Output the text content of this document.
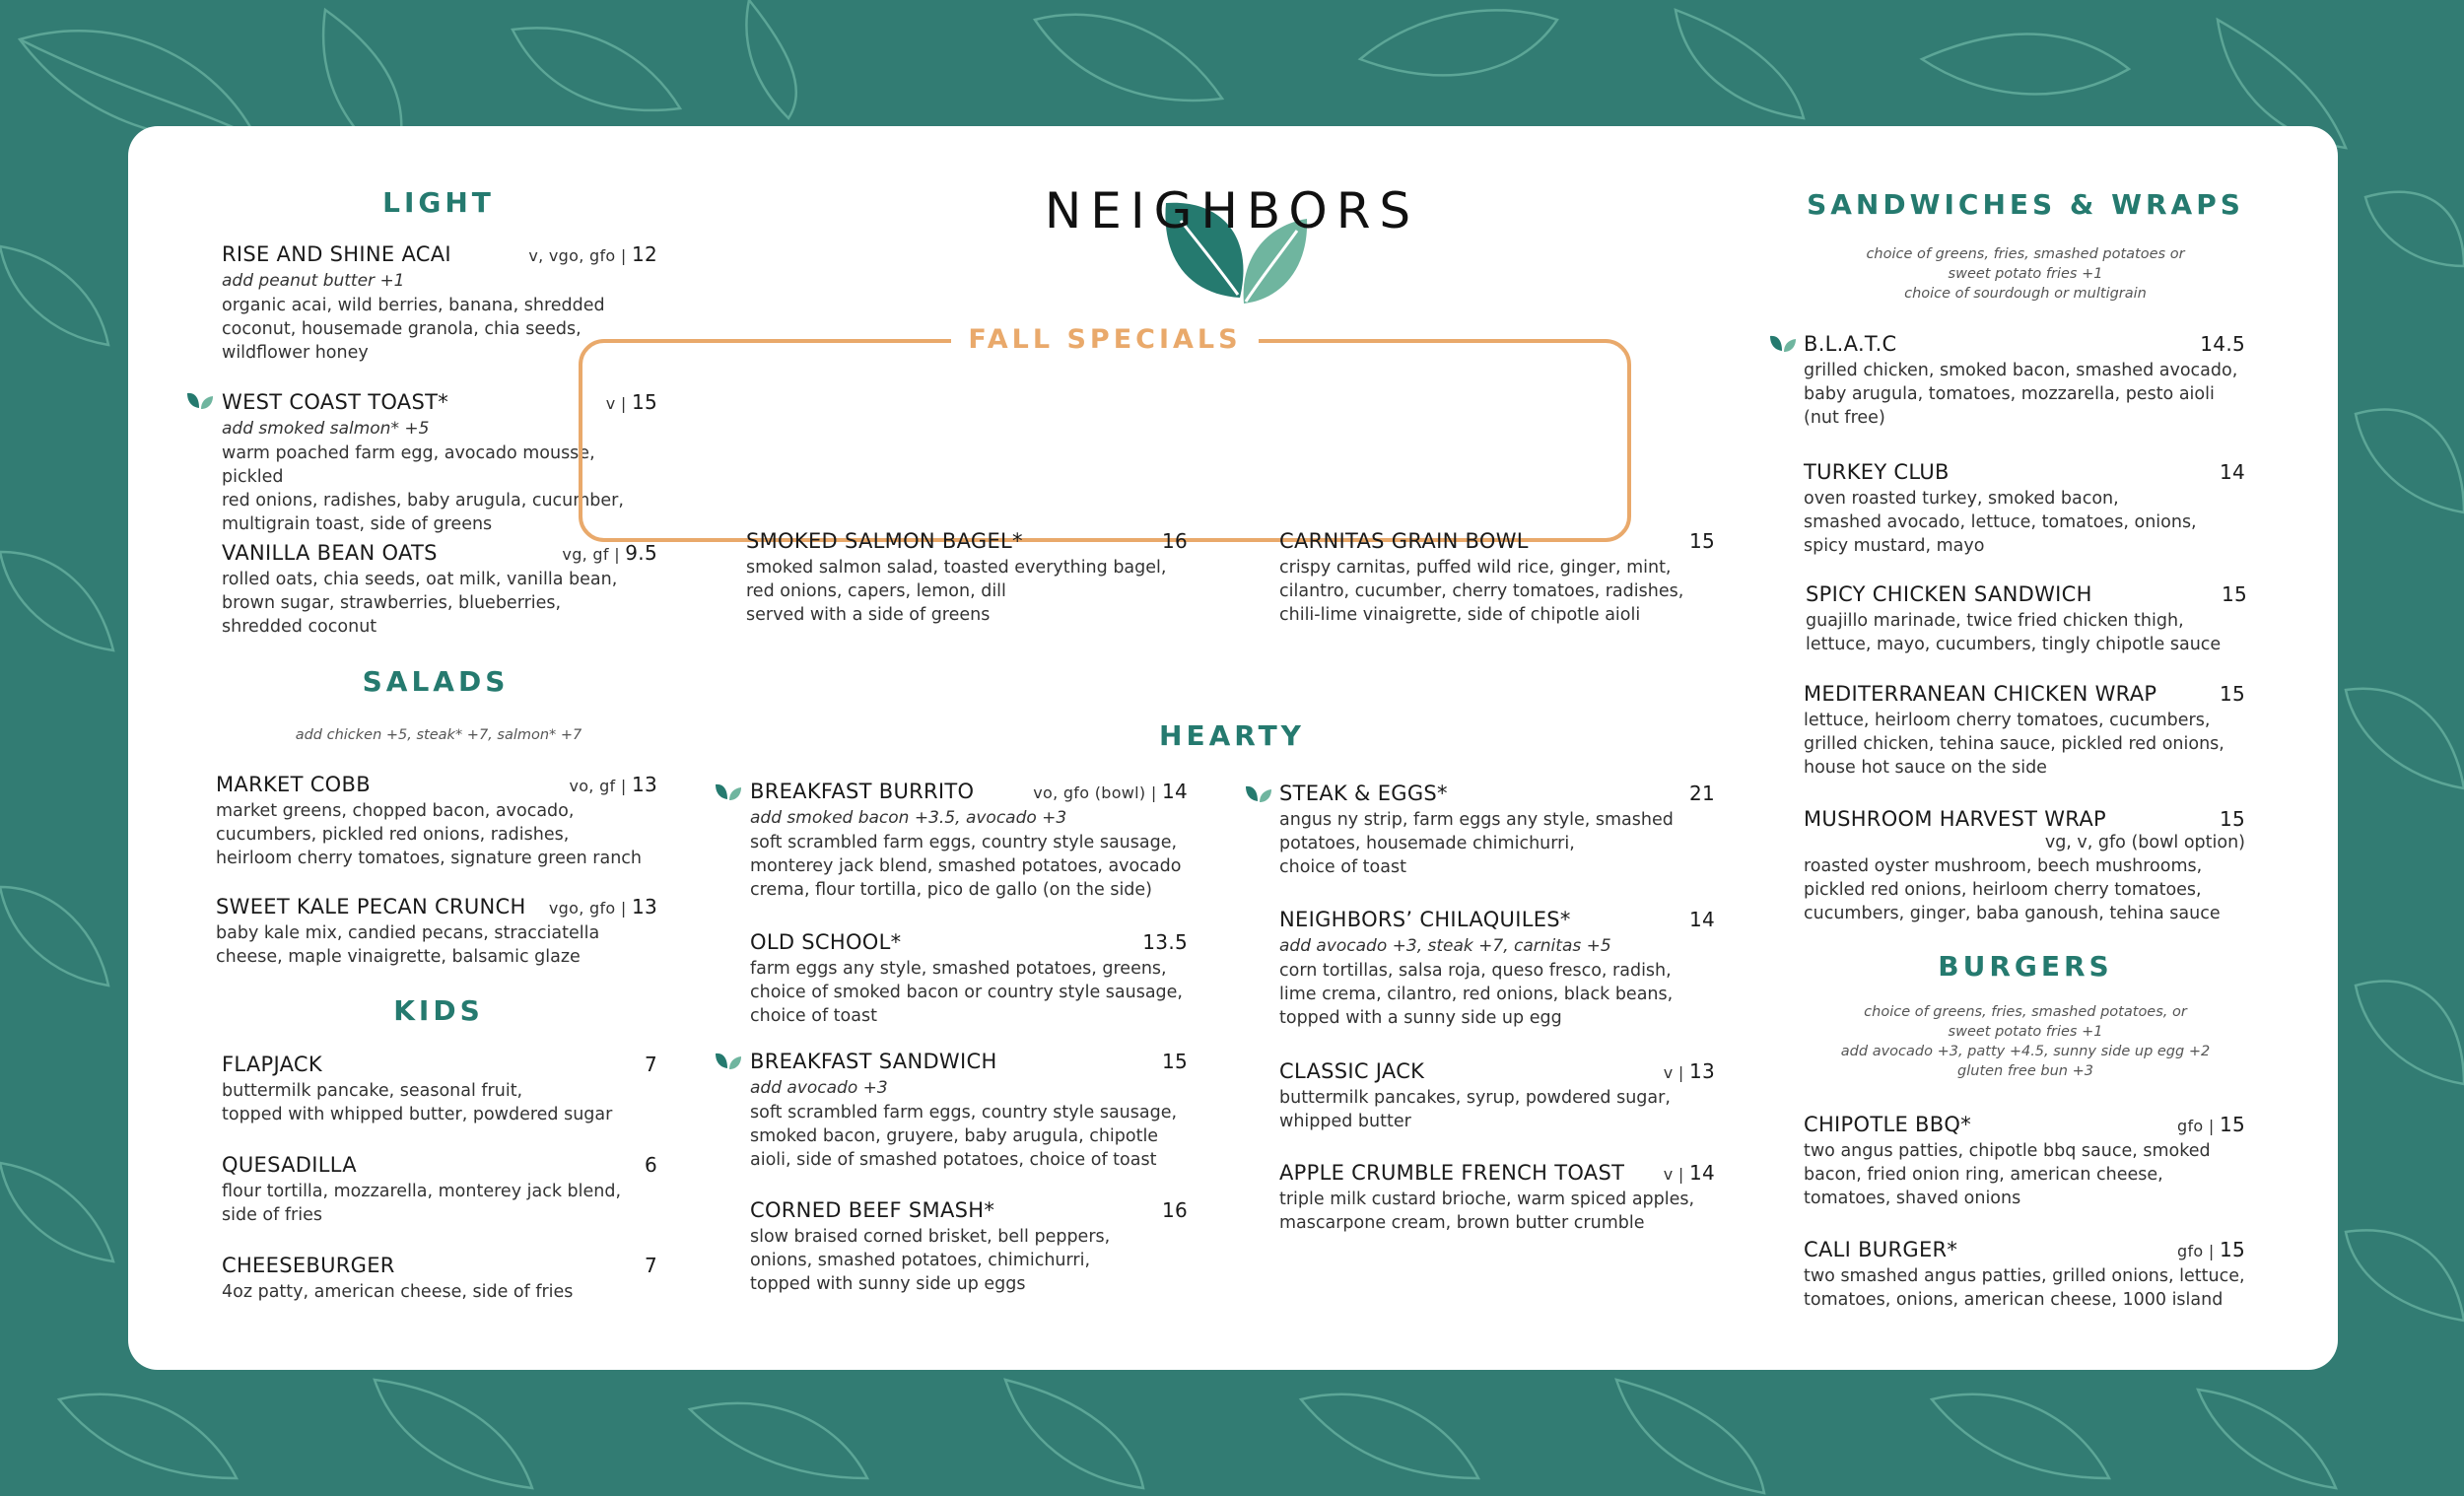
NEIGHBORS
LIGHT
RISE AND SHINE ACAI	v, vgo, gfo | 12
add peanut butter +1
organic acai, wild berries, banana, shredded
coconut, housemade granola, chia seeds,
wildflower honey
WEST COAST TOAST*	v | 15
add smoked salmon* +5
warm poached farm egg, avocado mousse, pickled
red onions, radishes, baby arugula, cucumber,
multigrain toast, side of greens
VANILLA BEAN OATS	vg, gf | 9.5
rolled oats, chia seeds, oat milk, vanilla bean,
brown sugar, strawberries, blueberries,
shredded coconut
SALADS
add chicken +5, steak* +7, salmon* +7
MARKET COBB	vo, gf | 13
market greens, chopped bacon, avocado,
cucumbers, pickled red onions, radishes,
heirloom cherry tomatoes, signature green ranch
SWEET KALE PECAN CRUNCH vgo, gfo | 13
baby kale mix, candied pecans, stracciatella
cheese, maple vinaigrette, balsamic glaze
KIDS
FLAPJACK	7
buttermilk pancake, seasonal fruit,
topped with whipped butter, powdered sugar
QUESADILLA	6
flour tortilla, mozzarella, monterey jack blend,
side of fries
CHEESEBURGER	7
4oz patty, american cheese, side of fries
FALL SPECIALS
SMOKED SALMON BAGEL*	16
smoked salmon salad, toasted everything bagel,
red onions, capers, lemon, dill
served with a side of greens
CARNITAS GRAIN BOWL	15
crispy carnitas, puffed wild rice, ginger, mint,
cilantro, cucumber, cherry tomatoes, radishes,
chili-lime vinaigrette, side of chipotle aioli
HEARTY
BREAKFAST BURRITO	vo, gfo (bowl) | 14
add smoked bacon +3.5, avocado +3
soft scrambled farm eggs, country style sausage,
monterey jack blend, smashed potatoes, avocado
crema, flour tortilla, pico de gallo (on the side)
OLD SCHOOL*	13.5
farm eggs any style, smashed potatoes, greens,
choice of smoked bacon or country style sausage,
choice of toast
BREAKFAST SANDWICH	15
add avocado +3
soft scrambled farm eggs, country style sausage,
smoked bacon, gruyere, baby arugula, chipotle
aioli, side of smashed potatoes, choice of toast
CORNED BEEF SMASH*	16
slow braised corned brisket, bell peppers,
onions, smashed potatoes, chimichurri,
topped with sunny side up eggs
STEAK & EGGS*	21
angus ny strip, farm eggs any style, smashed
potatoes, housemade chimichurri,
choice of toast
NEIGHBORS’ CHILAQUILES*	14
add avocado +3, steak +7, carnitas +5
corn tortillas, salsa roja, queso fresco, radish,
lime crema, cilantro, red onions, black beans,
topped with a sunny side up egg
CLASSIC JACK	v | 13
buttermilk pancakes, syrup, powdered sugar,
whipped butter
APPLE CRUMBLE FRENCH TOAST v | 14
triple milk custard brioche, warm spiced apples,
mascarpone cream, brown butter crumble
SANDWICHES & WRAPS
choice of greens, fries, smashed potatoes or
sweet potato fries +1
choice of sourdough or multigrain
B.L.A.T.C	14.5
grilled chicken, smoked bacon, smashed avocado,
baby arugula, tomatoes, mozzarella, pesto aioli
(nut free)
TURKEY CLUB	14
oven roasted turkey, smoked bacon,
smashed avocado, lettuce, tomatoes, onions,
spicy mustard, mayo
SPICY CHICKEN SANDWICH	15
guajillo marinade, twice fried chicken thigh,
lettuce, mayo, cucumbers, tingly chipotle sauce
MEDITERRANEAN CHICKEN WRAP	15
lettuce, heirloom cherry tomatoes, cucumbers,
grilled chicken, tehina sauce, pickled red onions,
house hot sauce on the side
MUSHROOM HARVEST WRAP	15
vg, v, gfo (bowl option)
roasted oyster mushroom, beech mushrooms,
pickled red onions, heirloom cherry tomatoes,
cucumbers, ginger, baba ganoush, tehina sauce
BURGERS
choice of greens, fries, smashed potatoes, or
sweet potato fries +1
add avocado +3, patty +4.5, sunny side up egg +2
gluten free bun +3
CHIPOTLE BBQ*	gfo | 15
two angus patties, chipotle bbq sauce, smoked
bacon, fried onion ring, american cheese,
tomatoes, shaved onions
CALI BURGER*	gfo | 15
two smashed angus patties, grilled onions, lettuce,
tomatoes, onions, american cheese, 1000 island
